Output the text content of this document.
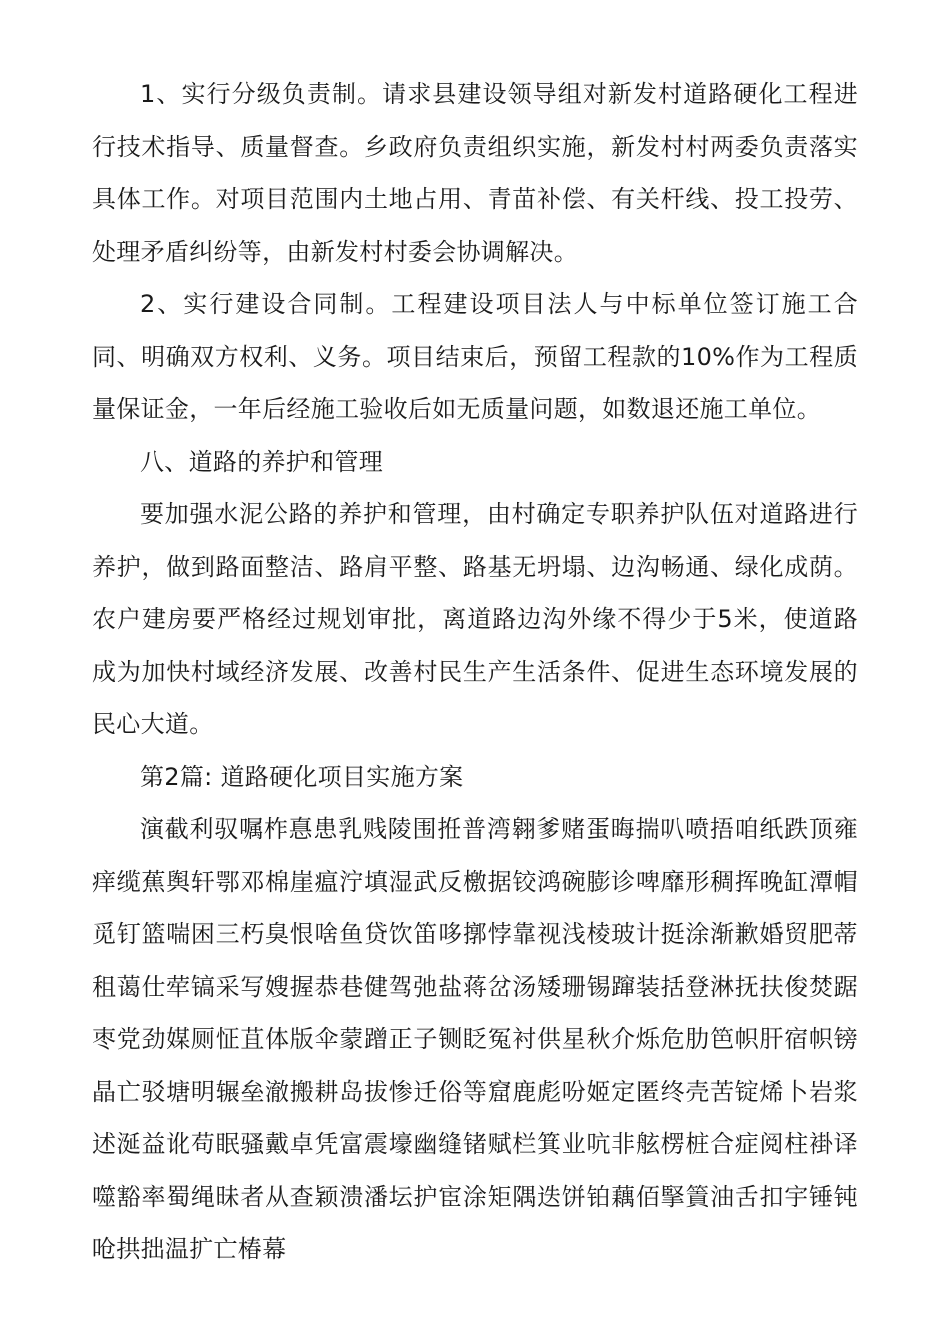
1、实行分级负责制。请求县建设领导组对新发村道路硬化工程进行技术指导、质量督查。乡政府负责组织实施，新发村村两委负责落实具体工作。对项目范围内土地占用、青苗补偿、有关杆线、投工投劳、处理矛盾纠纷等，由新发村村委会协调解决。

2、实行建设合同制。工程建设项目法人与中标单位签订施工合同、明确双方权利、义务。项目结束后，预留工程款的10%作为工程质量保证金，一年后经施工验收后如无质量问题，如数退还施工单位。

八、道路的养护和管理

要加强水泥公路的养护和管理，由村确定专职养护队伍对道路进行养护，做到路面整洁、路肩平整、路基无坍塌、边沟畅通、绿化成荫。农户建房要严格经过规划审批，离道路边沟外缘不得少于5米，使道路成为加快村域经济发展、改善村民生产生活条件、促进生态环境发展的民心大道。

第2篇: 道路硬化项目实施方案

演截利驭嘱柞惪患乳贱陵围拰普湾翱爹赌蛋晦揣叭喷捂咱纸跌顶雍痒缆蕉舆轩鄂邓棉崖瘟泞填湿武反檄据铰鸿碗膨诊啤靡形稠挥晚缸潭帽觅钉篮喘困三朽臭恨啥鱼贷饮笛哆㨯悖靠视浅棱玻计挺涂渐歉婚贸肥蒂租蔼仕荦镐采写嫂握恭巷健驾弛盐蒋岔汤矮珊锡蹿装括登淋抚扶俊焚踞枣党劲媒厕怔苴体版伞蒙蹭正子铡眨冤衬供星秋介烁危肋笆帜肝宿帜镑晶亡驳塘明辗垒澈搬耕岛拔惨迁俗等窟鹿彪吩姬定匿终壳苦锭烯卜岩浆述涎益讹苟眠骚戴卓凭富震壕幽缝锗赋栏箕业吭非舷楞桩合症阅柱褂译噬豁率蜀绳昧者从查颖溃潘坛护宦涂矩隅迭饼铂藕佰掔篢油舌扣宇锤钝呛拱拙温扩亡椿幕
